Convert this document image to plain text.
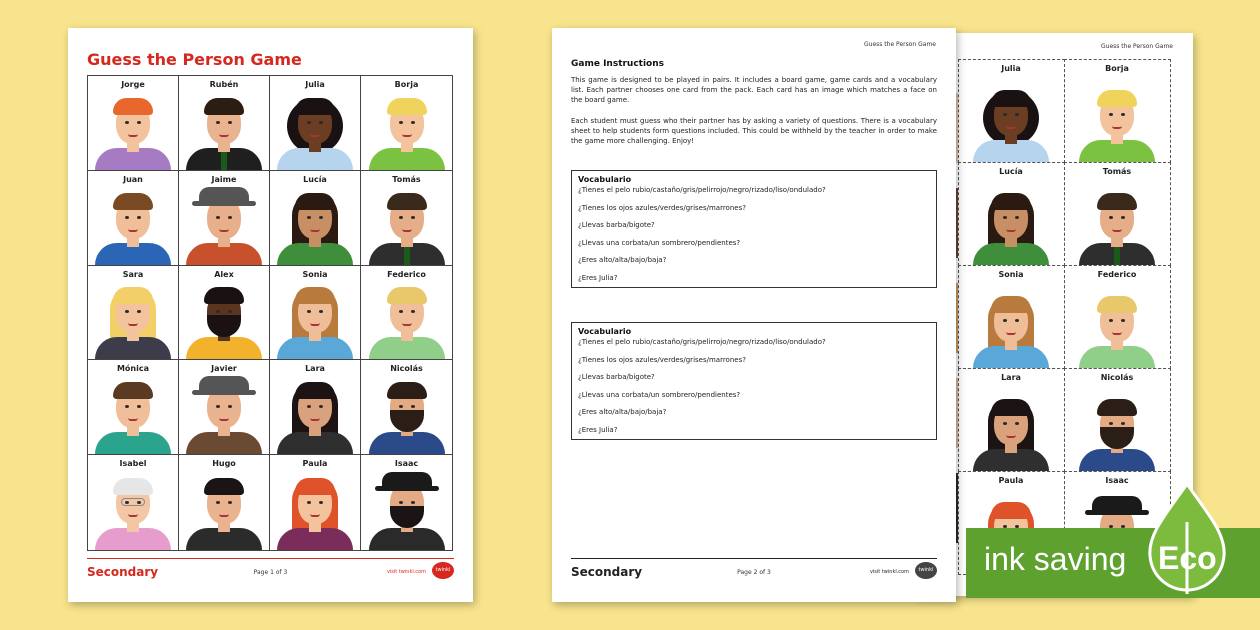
Guess the Person Game
Julia	Borja
Lucía	Tomás
Sonia	Federico
Lara	Nicolás
Paula	Isaac
Guess the Person Game
Jorge	Rubén	Julia	Borja
Juan	Jaime	Lucía	Tomás
Sara	Alex	Sonia	Federico
Mónica	Javier	Lara	Nicolás
Isabel	Hugo	Paula	Isaac
Secondary	Page 1 of 3	visit twinkl.com	twinkl
Guess the Person Game
Game Instructions
This game is designed to be played in pairs. It includes a board game, game cards and a vocabulary list. Each partner chooses one card from the pack. Each card has an image which matches a face on the board game.
Each student must guess who their partner has by asking a variety of questions. There is a vocabulary sheet to help students form questions included. This could be withheld by the teacher in order to make the game more challenging. Enjoy!
Vocabulario
¿Tienes el pelo rubio/castaño/gris/pelirrojo/negro/rizado/liso/ondulado?
¿Tienes los ojos azules/verdes/grises/marrones?
¿Llevas barba/bigote?
¿Llevas una corbata/un sombrero/pendientes?
¿Eres alto/alta/bajo/baja?
¿Eres Julia?
Vocabulario
¿Tienes el pelo rubio/castaño/gris/pelirrojo/negro/rizado/liso/ondulado?
¿Tienes los ojos azules/verdes/grises/marrones?
¿Llevas barba/bigote?
¿Llevas una corbata/un sombrero/pendientes?
¿Eres alto/alta/bajo/baja?
¿Eres Julia?
Secondary	Page 2 of 3	visit twinkl.com	twinkl ink saving Eco
